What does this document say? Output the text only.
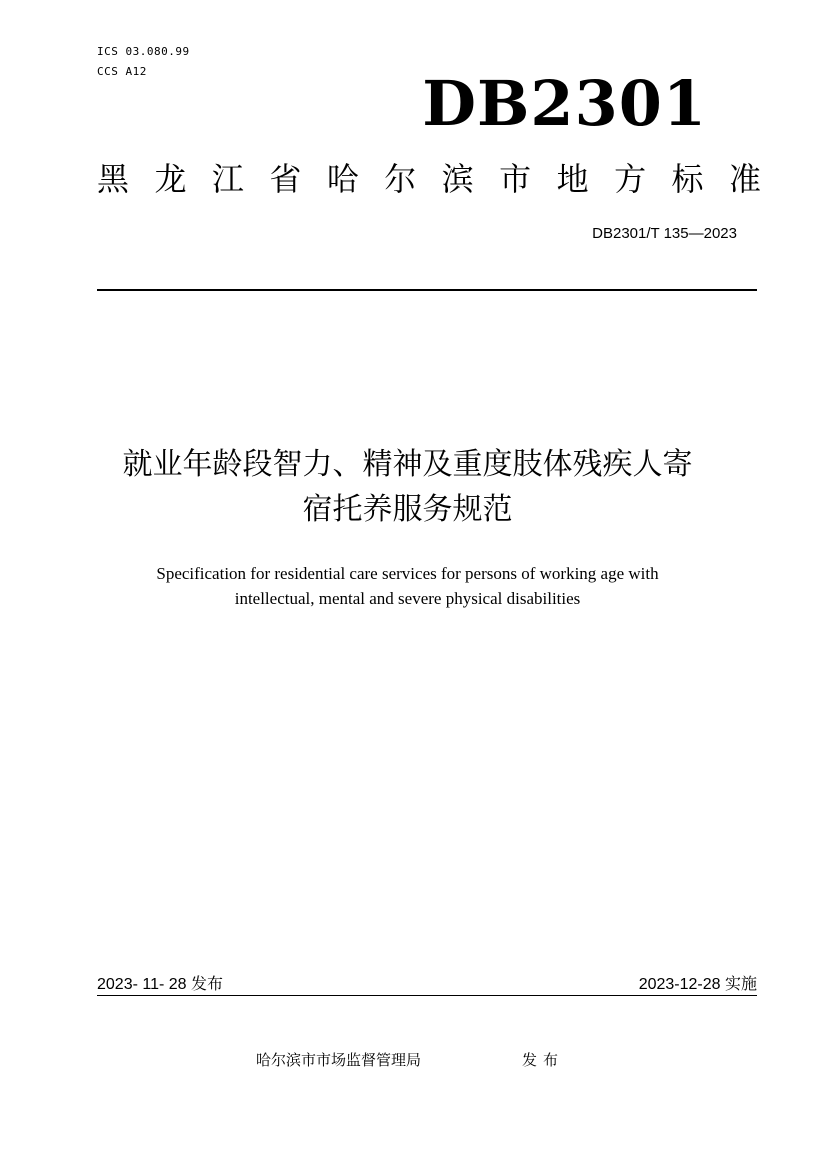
ICS 03.080.99
CCS A12	DB2301
黑 龙 江 省 哈 尔 滨 市 地 方 标 准
DB2301/T 135—2023
就业年龄段智力、精神及重度肢体残疾人寄
宿托养服务规范
Specification for residential care services for persons of working age with
intellectual, mental and severe physical disabilities
2023- 11- 28 发布	2023-12-28 实施
哈尔滨市市场监督管理局	发布
